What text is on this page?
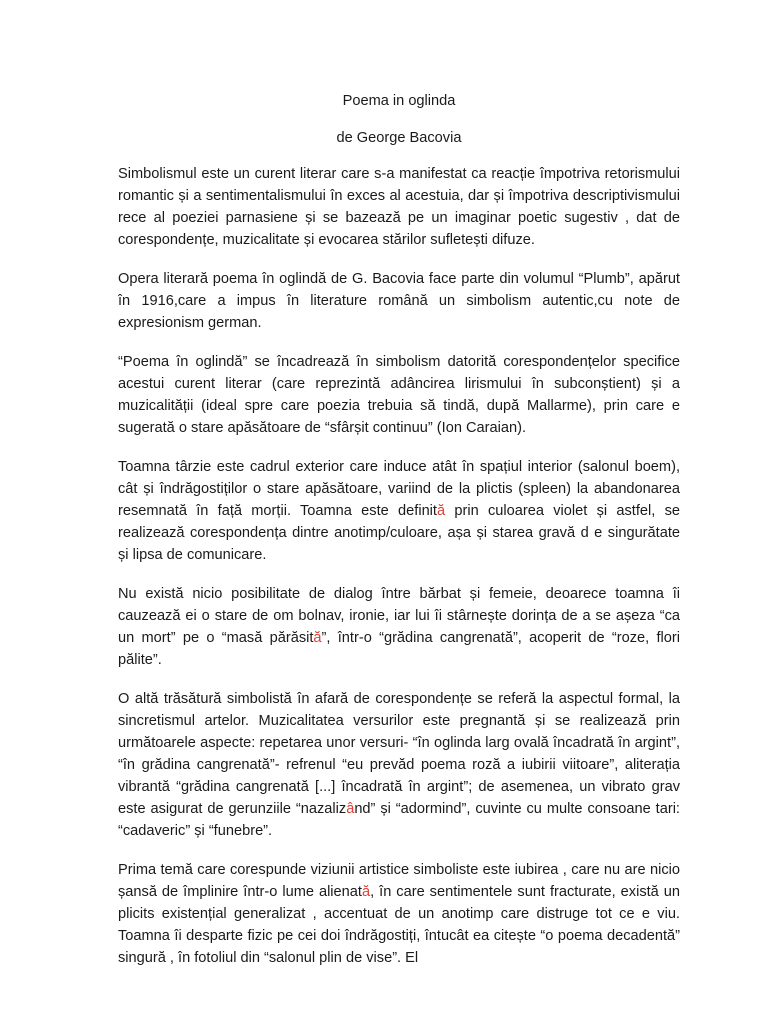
Poema in oglinda
de George Bacovia

Simbolismul este un curent literar care s-a manifestat ca reacție împotriva retorismului romantic și a sentimentalismului în exces al acestuia, dar și împotriva descriptivismului rece al poeziei parnasiene și se bazează pe un imaginar poetic sugestiv , dat de corespondențe, muzicalitate și evocarea stărilor sufletești difuze.

Opera literară poema în oglindă de G. Bacovia face parte din volumul “Plumb”, apărut în 1916,care a impus în literature română un simbolism autentic,cu note de expresionism german.

“Poema în oglindă” se încadrează în simbolism datorită corespondențelor specifice acestui curent literar (care reprezintă adâncirea lirismului în subconștient) și a muzicalității (ideal spre care poezia trebuia să tindă, după Mallarme), prin care e sugerată o stare apăsătoare de “sfârșit continuu” (Ion Caraian).

Toamna târzie este cadrul exterior care induce atât în spațiul interior (salonul boem), cât și îndrăgostiților o stare apăsătoare, variind de la plictis (spleen) la abandonarea resemnată în față morții. Toamna este definită prin culoarea violet și astfel, se realizează corespondența dintre anotimp/culoare, așa și starea gravă d e singurătate și lipsa de comunicare.

Nu există nicio posibilitate de dialog între bărbat și femeie, deoarece toamna îi cauzează ei o stare de om bolnav, ironie, iar lui îi stârnește dorința de a se așeza “ca un mort” pe o “masă părăsită”, într-o “grădina cangrenată”, acoperit de “roze, flori pălite”.

O altă trăsătură simbolistă în afară de corespondențe se referă la aspectul formal, la sincretismul artelor. Muzicalitatea versurilor este pregnantă și se realizează prin următoarele aspecte: repetarea unor versuri- “în oglinda larg ovală încadrată în argint”, “în grădina cangrenată”- refrenul “eu prevăd poema roză a iubirii viitoare”, aliterația vibrantă “grădina cangrenată [...] încadrată în argint”; de asemenea, un vibrato grav este asigurat de gerunziile “nazalizând” și “adormind”, cuvinte cu multe consoane tari: “cadaveric” și “funebre”.

Prima temă care corespunde viziunii artistice simboliste este iubirea , care nu are nicio șansă de împlinire într-o lume alienată, în care sentimentele sunt fracturate, există un plicits existențial generalizat , accentuat de un anotimp care distruge tot ce e viu. Toamna îi desparte fizic pe cei doi îndrăgostiți, întucât ea citește “o poema decadentă” singură , în fotoliul din “salonul plin de vise”. El
